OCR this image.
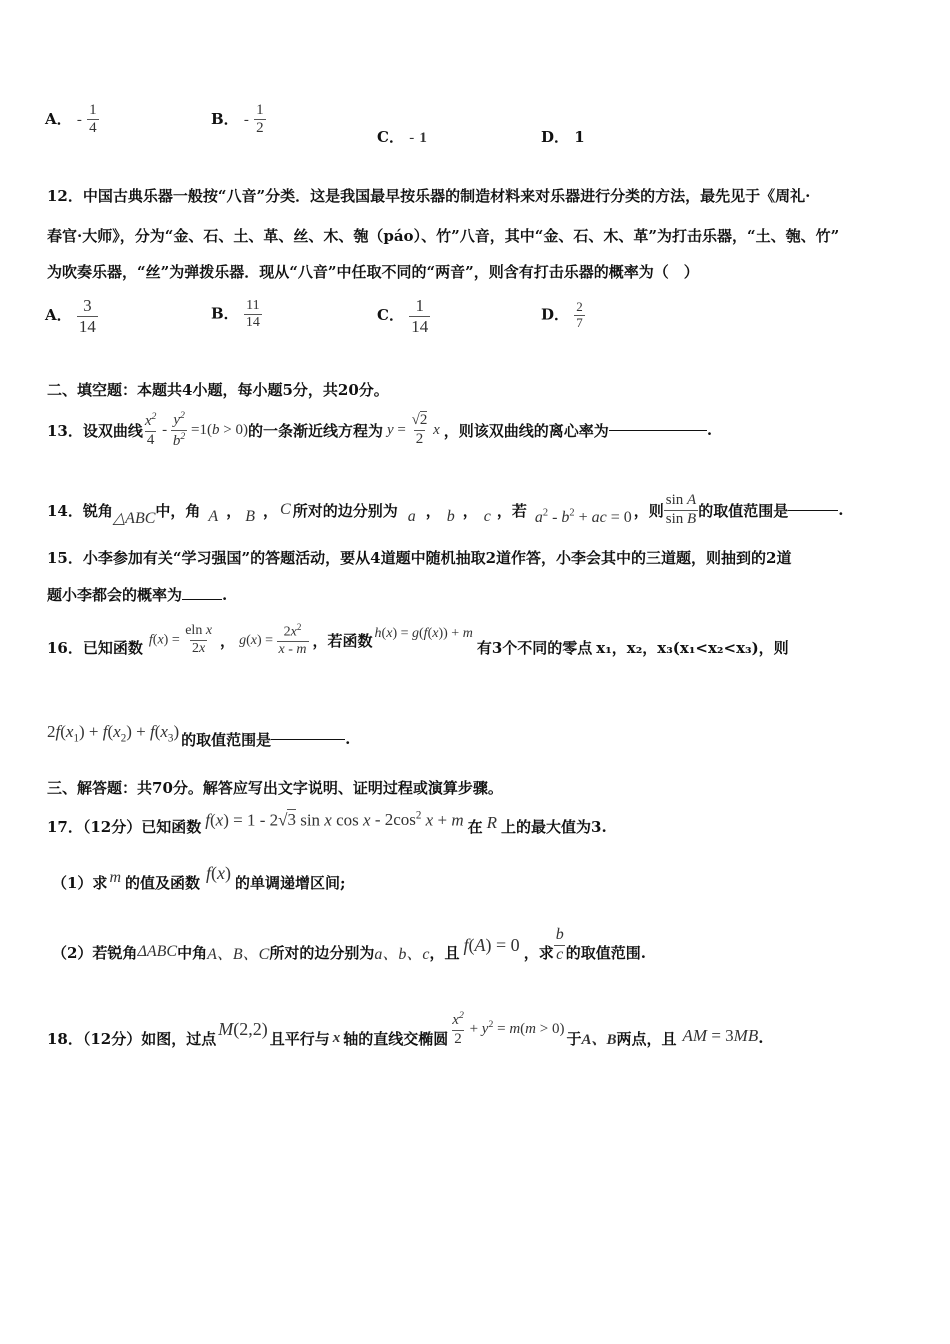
A． - $\frac{1}{4}$	B． - $\frac{1}{2}$	C． - 1	D． 1
12．中国古典乐器一般按“八音”分类．这是我国最早按乐器的制造材料来对乐器进行分类的方法，最先见于《周礼·
春官·大师》，分为“金、石、土、革、丝、木、匏（páo）、竹”八音，其中“金、石、木、革”为打击乐器，“土、匏、竹”
为吹奏乐器，“丝”为弹拨乐器．现从“八音”中任取不同的“两音”，则含有打击乐器的概率为（　）
A． $\frac{3}{14}$	B． $\frac{11}{14}$	C． $\frac{1}{14}$	D． $\frac{2}{7}$
二、填空题：本题共4小题，每小题5分，共20分。
13．设双曲线 $\frac{x^2}{4} - \frac{y^2}{b^2} =1(b > 0)$ 的一条渐近线方程为 $y = \frac{√2}{2}$ x ，则该双曲线的离心率为	.
14．锐角 △ABC 中，角 A ， B ， C 所对的边分别为 a ， b ， c ，若 $a^2 - b^2$ + ac = 0 ，则 $\frac{\text{sin A}}{\text{sin B}}$ 的取值范围是	.
15．小李参加有关“学习强国”的答题活动，要从4道题中随机抽取2道作答，小李会其中的三道题，则抽到的2道
题小李都会的概率为	.
16．已知函数 $f(x) = \frac{\text{eln x}}{2x}$ ， $g(x) = \frac{2x^2}{x - m}$ ，若函数 h(x) = g(f(x)) + m
有3个不同的零点 x₁，x₂，x₃(x₁<x₂<x₃)，则
$2f(x_1) + f(x_2) + f(x_3)$ 的取值范围是	.
三、解答题：共70分。解答应写出文字说明、证明过程或演算步骤。
17．（12分）已知函数 f(x) = 1 - 2√3 sin x cos x - $2\cos^2$ x + m 在 R 上的最大值为3.
（1）求 m 的值及函数 f(x) 的单调递增区间;
（2）若锐角 ΔABC 中角 A、B、C 所对的边分别为 a、b、c ，且 f(A) = 0 ，求 $\frac{b}{c}$ 的取值范围.
18．（12分）如图，过点 M(2,2) 且平行与 x 轴的直线交椭圆 $\frac{x^2}{2} + y^2 = m(m > 0)$
于 A、B 两点，且 AM = 3MB .
